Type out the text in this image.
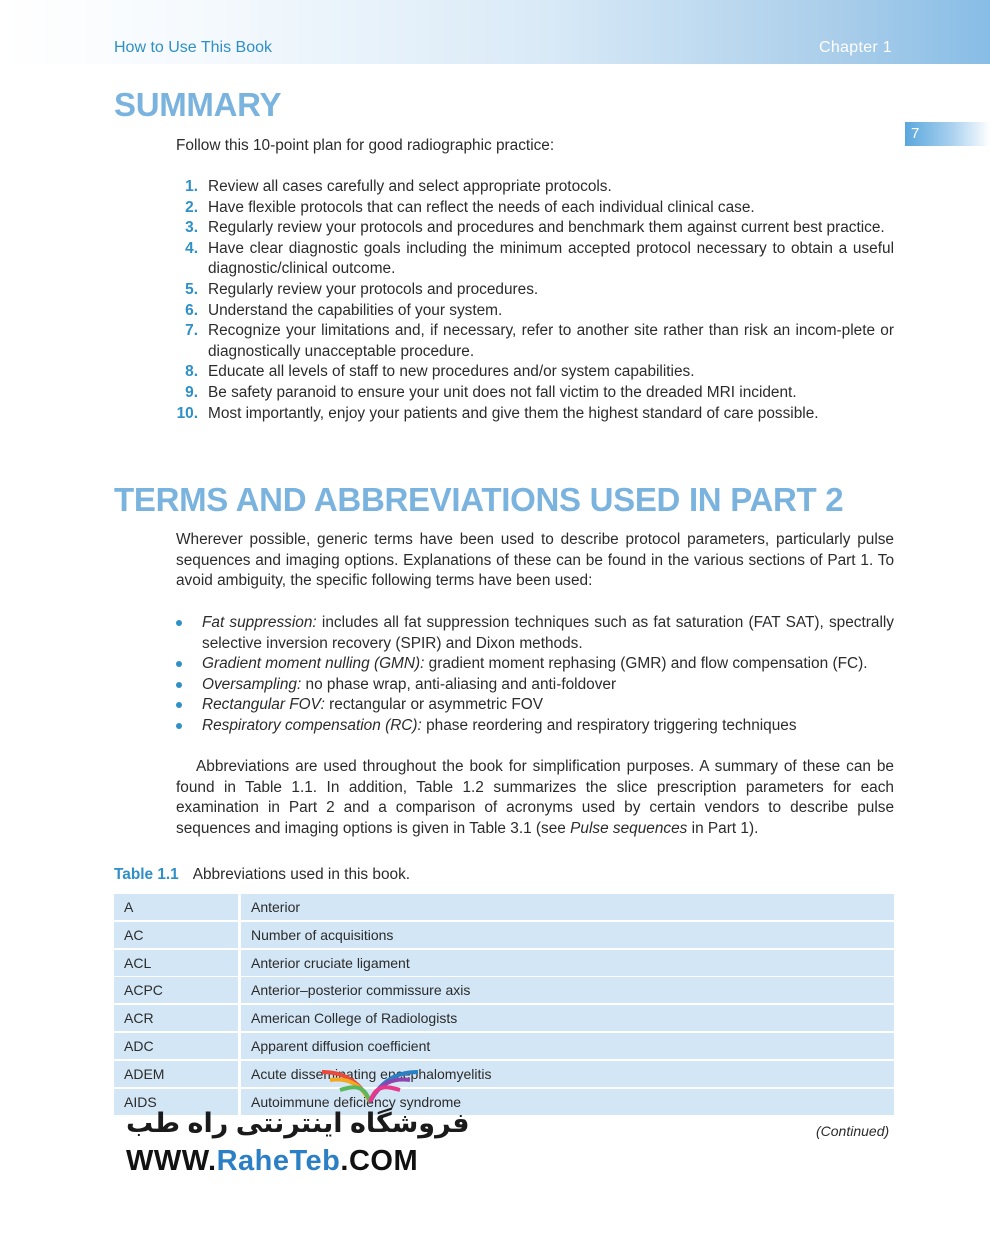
How to Use This Book	Chapter 1
7
SUMMARY

Follow this 10-point plan for good radiographic practice:

1. Review all cases carefully and select appropriate protocols.
2. Have flexible protocols that can reflect the needs of each individual clinical case.
3. Regularly review your protocols and procedures and benchmark them against current best practice.
4. Have clear diagnostic goals including the minimum accepted protocol necessary to obtain a useful diagnostic/clinical outcome.
5. Regularly review your protocols and procedures.
6. Understand the capabilities of your system.
7. Recognize your limitations and, if necessary, refer to another site rather than risk an incom-plete or diagnostically unacceptable procedure.
8. Educate all levels of staff to new procedures and/or system capabilities.
9. Be safety paranoid to ensure your unit does not fall victim to the dreaded MRI incident.
10. Most importantly, enjoy your patients and give them the highest standard of care possible.
TERMS AND ABBREVIATIONS USED IN PART 2

Wherever possible, generic terms have been used to describe protocol parameters, particularly pulse sequences and imaging options. Explanations of these can be found in the various sections of Part 1. To avoid ambiguity, the specific following terms have been used:

Fat suppression: includes all fat suppression techniques such as fat saturation (FAT SAT), spectrally selective inversion recovery (SPIR) and Dixon methods.
Gradient moment nulling (GMN): gradient moment rephasing (GMR) and flow compensation (FC).
Oversampling: no phase wrap, anti-aliasing and anti-foldover
Rectangular FOV: rectangular or asymmetric FOV
Respiratory compensation (RC): phase reordering and respiratory triggering techniques

Abbreviations are used throughout the book for simplification purposes. A summary of these can be found in Table 1.1. In addition, Table 1.2 summarizes the slice prescription parameters for each examination in Part 2 and a comparison of acronyms used by certain vendors to describe pulse sequences and imaging options is given in Table 3.1 (see Pulse sequences in Part 1).

Table 1.1 Abbreviations used in this book.
A	Anterior
AC	Number of acquisitions
ACL	Anterior cruciate ligament
ACPC	Anterior–posterior commissure axis
ACR	American College of Radiologists
ADC	Apparent diffusion coefficient
ADEM	Acute disseminating encephalomyelitis
AIDS	Autoimmune deficiency syndrome
(Continued)
فروشگاه اینترنتی راه طب
WWW.RaheTeb.COM
